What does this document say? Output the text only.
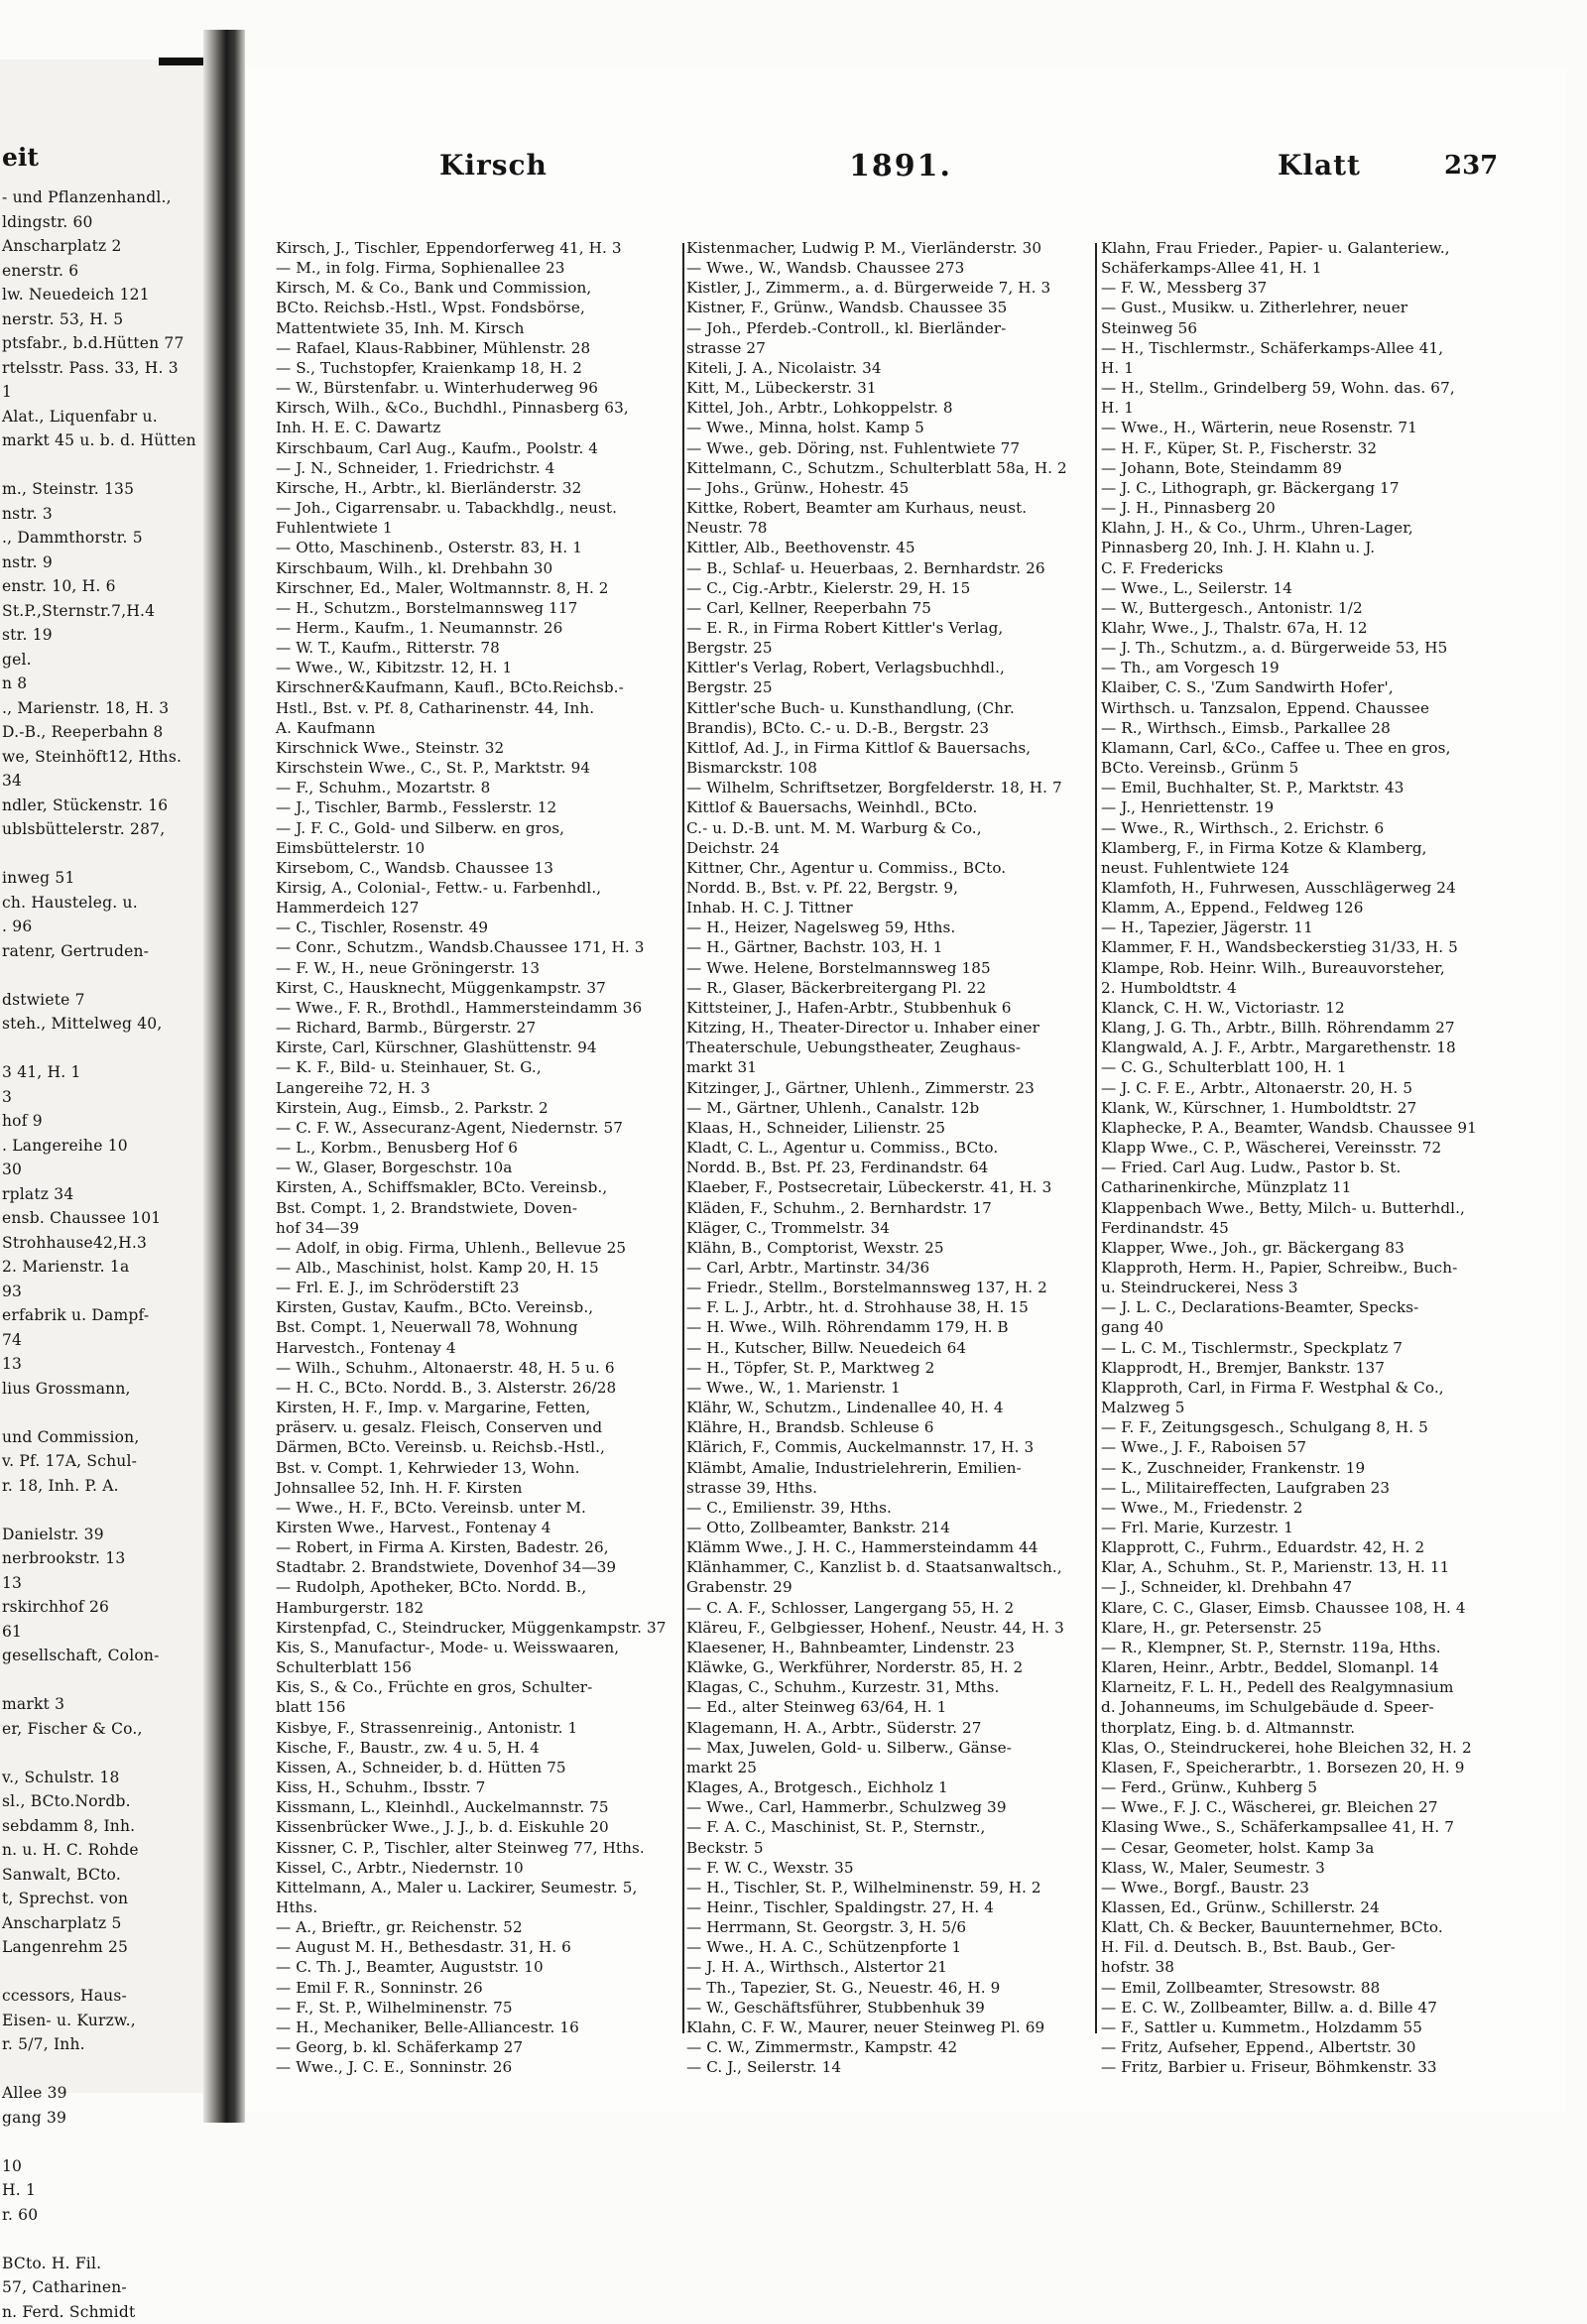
eit
- und Pflanzenhandl.,
ldingstr. 60
Anscharplatz 2
enerstr. 6
lw. Neuedeich 121
nerstr. 53, H. 5
ptsfabr., b.d.Hütten 77
rtelsstr. Pass. 33, H. 3
1
Alat., Liquenfabr u.
markt 45 u. b. d. Hütten

m., Steinstr. 135
nstr. 3
., Dammthorstr. 5
nstr. 9
enstr. 10, H. 6
St.P.,Sternstr.7,H.4
str. 19
gel.
n 8
., Marienstr. 18, H. 3
D.-B., Reeperbahn 8
we, Steinhöft12, Hths.
34
ndler, Stückenstr. 16
ublsbüttelerstr. 287,

inweg 51
ch. Hausteleg. u.
. 96
ratenr, Gertruden-

dstwiete 7
steh., Mittelweg 40,

3 41, H. 1
3
hof 9
. Langereihe 10
30
rplatz 34
ensb. Chaussee 101
Strohhause42,H.3
2. Marienstr. 1a
93
erfabrik u. Dampf-
74
13
lius Grossmann,

und Commission,
v. Pf. 17A, Schul-
r. 18, Inh. P. A.

Danielstr. 39
nerbrookstr. 13
13
rskirchhof 26
61
gesellschaft, Colon-

markt 3
er, Fischer & Co.,

v., Schulstr. 18
sl., BCto.Nordb.
sebdamm 8, Inh.
n. u. H. C. Rohde
Sanwalt, BCto.
t, Sprechst. von
Anscharplatz 5
Langenrehm 25

ccessors, Haus-
Eisen- u. Kurzw.,
r. 5/7, Inh.

Allee 39
gang 39

10
H. 1
r. 60

BCto. H. Fil.
57, Catharinen-
n. Ferd. Schmidt
Kirsch	1891.	Klatt	237
Kirsch, J., Tischler, Eppendorferweg 41, H. 3
— M., in folg. Firma, Sophienallee 23
Kirsch, M. & Co., Bank und Commission,
BCto. Reichsb.-Hstl., Wpst. Fondsbörse,
Mattentwiete 35, Inh. M. Kirsch
— Rafael, Klaus-Rabbiner, Mühlenstr. 28
— S., Tuchstopfer, Kraienkamp 18, H. 2
— W., Bürstenfabr. u. Winterhuderweg 96
Kirsch, Wilh., &Co., Buchdhl., Pinnasberg 63,
Inh. H. E. C. Dawartz
Kirschbaum, Carl Aug., Kaufm., Poolstr. 4
— J. N., Schneider, 1. Friedrichstr. 4
Kirsche, H., Arbtr., kl. Bierländerstr. 32
— Joh., Cigarrensabr. u. Tabackhdlg., neust.
Fuhlentwiete 1
— Otto, Maschinenb., Osterstr. 83, H. 1
Kirschbaum, Wilh., kl. Drehbahn 30
Kirschner, Ed., Maler, Woltmannstr. 8, H. 2
— H., Schutzm., Borstelmannsweg 117
— Herm., Kaufm., 1. Neumannstr. 26
— W. T., Kaufm., Ritterstr. 78
— Wwe., W., Kibitzstr. 12, H. 1
Kirschner&Kaufmann, Kaufl., BCto.Reichsb.-
Hstl., Bst. v. Pf. 8, Catharinenstr. 44, Inh.
A. Kaufmann
Kirschnick Wwe., Steinstr. 32
Kirschstein Wwe., C., St. P., Marktstr. 94
— F., Schuhm., Mozartstr. 8
— J., Tischler, Barmb., Fesslerstr. 12
— J. F. C., Gold- und Silberw. en gros,
Eimsbüttelerstr. 10
Kirsebom, C., Wandsb. Chaussee 13
Kirsig, A., Colonial-, Fettw.- u. Farbenhdl.,
Hammerdeich 127
— C., Tischler, Rosenstr. 49
— Conr., Schutzm., Wandsb.Chaussee 171, H. 3
— F. W., H., neue Gröningerstr. 13
Kirst, C., Hausknecht, Müggenkampstr. 37
— Wwe., F. R., Brothdl., Hammersteindamm 36
— Richard, Barmb., Bürgerstr. 27
Kirste, Carl, Kürschner, Glashüttenstr. 94
— K. F., Bild- u. Steinhauer, St. G.,
Langereihe 72, H. 3
Kirstein, Aug., Eimsb., 2. Parkstr. 2
— C. F. W., Assecuranz-Agent, Niedernstr. 57
— L., Korbm., Benusberg Hof 6
— W., Glaser, Borgeschstr. 10a
Kirsten, A., Schiffsmakler, BCto. Vereinsb.,
Bst. Compt. 1, 2. Brandstwiete, Doven-
hof 34—39
— Adolf, in obig. Firma, Uhlenh., Bellevue 25
— Alb., Maschinist, holst. Kamp 20, H. 15
— Frl. E. J., im Schröderstift 23
Kirsten, Gustav, Kaufm., BCto. Vereinsb.,
Bst. Compt. 1, Neuerwall 78, Wohnung
Harvestch., Fontenay 4
— Wilh., Schuhm., Altonaerstr. 48, H. 5 u. 6
— H. C., BCto. Nordd. B., 3. Alsterstr. 26/28
Kirsten, H. F., Imp. v. Margarine, Fetten,
präserv. u. gesalz. Fleisch, Conserven und
Därmen, BCto. Vereinsb. u. Reichsb.-Hstl.,
Bst. v. Compt. 1, Kehrwieder 13, Wohn.
Johnsallee 52, Inh. H. F. Kirsten
— Wwe., H. F., BCto. Vereinsb. unter M.
Kirsten Wwe., Harvest., Fontenay 4
— Robert, in Firma A. Kirsten, Badestr. 26,
Stadtabr. 2. Brandstwiete, Dovenhof 34—39
— Rudolph, Apotheker, BCto. Nordd. B.,
Hamburgerstr. 182
Kirstenpfad, C., Steindrucker, Müggenkampstr. 37
Kis, S., Manufactur-, Mode- u. Weisswaaren,
Schulterblatt 156
Kis, S., & Co., Früchte en gros, Schulter-
blatt 156
Kisbye, F., Strassenreinig., Antonistr. 1
Kische, F., Baustr., zw. 4 u. 5, H. 4
Kissen, A., Schneider, b. d. Hütten 75
Kiss, H., Schuhm., Ibsstr. 7
Kissmann, L., Kleinhdl., Auckelmannstr. 75
Kissenbrücker Wwe., J. J., b. d. Eiskuhle 20
Kissner, C. P., Tischler, alter Steinweg 77, Hths.
Kissel, C., Arbtr., Niedernstr. 10
Kittelmann, A., Maler u. Lackirer, Seumestr. 5,
Hths.
— A., Brieftr., gr. Reichenstr. 52
— August M. H., Bethesdastr. 31, H. 6
— C. Th. J., Beamter, Auguststr. 10
— Emil F. R., Sonninstr. 26
— F., St. P., Wilhelminenstr. 75
— H., Mechaniker, Belle-Alliancestr. 16
— Georg, b. kl. Schäferkamp 27
— Wwe., J. C. E., Sonninstr. 26
Kistenmacher, Ludwig P. M., Vierländerstr. 30
— Wwe., W., Wandsb. Chaussee 273
Kistler, J., Zimmerm., a. d. Bürgerweide 7, H. 3
Kistner, F., Grünw., Wandsb. Chaussee 35
— Joh., Pferdeb.-Controll., kl. Bierländer-
strasse 27
Kiteli, J. A., Nicolaistr. 34
Kitt, M., Lübeckerstr. 31
Kittel, Joh., Arbtr., Lohkoppelstr. 8
— Wwe., Minna, holst. Kamp 5
— Wwe., geb. Döring, nst. Fuhlentwiete 77
Kittelmann, C., Schutzm., Schulterblatt 58a, H. 2
— Johs., Grünw., Hohestr. 45
Kittke, Robert, Beamter am Kurhaus, neust.
Neustr. 78
Kittler, Alb., Beethovenstr. 45
— B., Schlaf- u. Heuerbaas, 2. Bernhardstr. 26
— C., Cig.-Arbtr., Kielerstr. 29, H. 15
— Carl, Kellner, Reeperbahn 75
— E. R., in Firma Robert Kittler's Verlag,
Bergstr. 25
Kittler's Verlag, Robert, Verlagsbuchhdl.,
Bergstr. 25
Kittler'sche Buch- u. Kunsthandlung, (Chr.
Brandis), BCto. C.- u. D.-B., Bergstr. 23
Kittlof, Ad. J., in Firma Kittlof & Bauersachs,
Bismarckstr. 108
— Wilhelm, Schriftsetzer, Borgfelderstr. 18, H. 7
Kittlof & Bauersachs, Weinhdl., BCto.
C.- u. D.-B. unt. M. M. Warburg & Co.,
Deichstr. 24
Kittner, Chr., Agentur u. Commiss., BCto.
Nordd. B., Bst. v. Pf. 22, Bergstr. 9,
Inhab. H. C. J. Tittner
— H., Heizer, Nagelsweg 59, Hths.
— H., Gärtner, Bachstr. 103, H. 1
— Wwe. Helene, Borstelmannsweg 185
— R., Glaser, Bäckerbreitergang Pl. 22
Kittsteiner, J., Hafen-Arbtr., Stubbenhuk 6
Kitzing, H., Theater-Director u. Inhaber einer
Theaterschule, Uebungstheater, Zeughaus-
markt 31
Kitzinger, J., Gärtner, Uhlenh., Zimmerstr. 23
— M., Gärtner, Uhlenh., Canalstr. 12b
Klaas, H., Schneider, Lilienstr. 25
Kladt, C. L., Agentur u. Commiss., BCto.
Nordd. B., Bst. Pf. 23, Ferdinandstr. 64
Klaeber, F., Postsecretair, Lübeckerstr. 41, H. 3
Kläden, F., Schuhm., 2. Bernhardstr. 17
Kläger, C., Trommelstr. 34
Klähn, B., Comptorist, Wexstr. 25
— Carl, Arbtr., Martinstr. 34/36
— Friedr., Stellm., Borstelmannsweg 137, H. 2
— F. L. J., Arbtr., ht. d. Strohhause 38, H. 15
— H. Wwe., Wilh. Röhrendamm 179, H. B
— H., Kutscher, Billw. Neuedeich 64
— H., Töpfer, St. P., Marktweg 2
— Wwe., W., 1. Marienstr. 1
Klähr, W., Schutzm., Lindenallee 40, H. 4
Klähre, H., Brandsb. Schleuse 6
Klärich, F., Commis, Auckelmannstr. 17, H. 3
Klämbt, Amalie, Industrielehrerin, Emilien-
strasse 39, Hths.
— C., Emilienstr. 39, Hths.
— Otto, Zollbeamter, Bankstr. 214
Klämm Wwe., J. H. C., Hammersteindamm 44
Klänhammer, C., Kanzlist b. d. Staatsanwaltsch.,
Grabenstr. 29
— C. A. F., Schlosser, Langergang 55, H. 2
Kläreu, F., Gelbgiesser, Hohenf., Neustr. 44, H. 3
Klaesener, H., Bahnbeamter, Lindenstr. 23
Kläwke, G., Werkführer, Norderstr. 85, H. 2
Klagas, C., Schuhm., Kurzestr. 31, Mths.
— Ed., alter Steinweg 63/64, H. 1
Klagemann, H. A., Arbtr., Süderstr. 27
— Max, Juwelen, Gold- u. Silberw., Gänse-
markt 25
Klages, A., Brotgesch., Eichholz 1
— Wwe., Carl, Hammerbr., Schulzweg 39
— F. A. C., Maschinist, St. P., Sternstr.,
Beckstr. 5
— F. W. C., Wexstr. 35
— H., Tischler, St. P., Wilhelminenstr. 59, H. 2
— Heinr., Tischler, Spaldingstr. 27, H. 4
— Herrmann, St. Georgstr. 3, H. 5/6
— Wwe., H. A. C., Schützenpforte 1
— J. H. A., Wirthsch., Alstertor 21
— Th., Tapezier, St. G., Neuestr. 46, H. 9
— W., Geschäftsführer, Stubbenhuk 39
Klahn, C. F. W., Maurer, neuer Steinweg Pl. 69
— C. W., Zimmermstr., Kampstr. 42
— C. J., Seilerstr. 14
Klahn, Frau Frieder., Papier- u. Galanteriew.,
Schäferkamps-Allee 41, H. 1
— F. W., Messberg 37
— Gust., Musikw. u. Zitherlehrer, neuer
Steinweg 56
— H., Tischlermstr., Schäferkamps-Allee 41,
H. 1
— H., Stellm., Grindelberg 59, Wohn. das. 67,
H. 1
— Wwe., H., Wärterin, neue Rosenstr. 71
— H. F., Küper, St. P., Fischerstr. 32
— Johann, Bote, Steindamm 89
— J. C., Lithograph, gr. Bäckergang 17
— J. H., Pinnasberg 20
Klahn, J. H., & Co., Uhrm., Uhren-Lager,
Pinnasberg 20, Inh. J. H. Klahn u. J.
C. F. Fredericks
— Wwe., L., Seilerstr. 14
— W., Buttergesch., Antonistr. 1/2
Klahr, Wwe., J., Thalstr. 67a, H. 12
— J. Th., Schutzm., a. d. Bürgerweide 53, H5
— Th., am Vorgesch 19
Klaiber, C. S., 'Zum Sandwirth Hofer',
Wirthsch. u. Tanzsalon, Eppend. Chaussee
— R., Wirthsch., Eimsb., Parkallee 28
Klamann, Carl, &Co., Caffee u. Thee en gros,
BCto. Vereinsb., Grünm 5
— Emil, Buchhalter, St. P., Marktstr. 43
— J., Henriettenstr. 19
— Wwe., R., Wirthsch., 2. Erichstr. 6
Klamberg, F., in Firma Kotze & Klamberg,
neust. Fuhlentwiete 124
Klamfoth, H., Fuhrwesen, Ausschlägerweg 24
Klamm, A., Eppend., Feldweg 126
— H., Tapezier, Jägerstr. 11
Klammer, F. H., Wandsbeckerstieg 31/33, H. 5
Klampe, Rob. Heinr. Wilh., Bureauvorsteher,
2. Humboldtstr. 4
Klanck, C. H. W., Victoriastr. 12
Klang, J. G. Th., Arbtr., Billh. Röhrendamm 27
Klangwald, A. J. F., Arbtr., Margarethenstr. 18
— C. G., Schulterblatt 100, H. 1
— J. C. F. E., Arbtr., Altonaerstr. 20, H. 5
Klank, W., Kürschner, 1. Humboldtstr. 27
Klaphecke, P. A., Beamter, Wandsb. Chaussee 91
Klapp Wwe., C. P., Wäscherei, Vereinsstr. 72
— Fried. Carl Aug. Ludw., Pastor b. St.
Catharinenkirche, Münzplatz 11
Klappenbach Wwe., Betty, Milch- u. Butterhdl.,
Ferdinandstr. 45
Klapper, Wwe., Joh., gr. Bäckergang 83
Klapproth, Herm. H., Papier, Schreibw., Buch-
u. Steindruckerei, Ness 3
— J. L. C., Declarations-Beamter, Specks-
gang 40
— L. C. M., Tischlermstr., Speckplatz 7
Klapprodt, H., Bremjer, Bankstr. 137
Klapproth, Carl, in Firma F. Westphal & Co.,
Malzweg 5
— F. F., Zeitungsgesch., Schulgang 8, H. 5
— Wwe., J. F., Raboisen 57
— K., Zuschneider, Frankenstr. 19
— L., Militaireffecten, Laufgraben 23
— Wwe., M., Friedenstr. 2
— Frl. Marie, Kurzestr. 1
Klapprott, C., Fuhrm., Eduardstr. 42, H. 2
Klar, A., Schuhm., St. P., Marienstr. 13, H. 11
— J., Schneider, kl. Drehbahn 47
Klare, C. C., Glaser, Eimsb. Chaussee 108, H. 4
Klare, H., gr. Petersenstr. 25
— R., Klempner, St. P., Sternstr. 119a, Hths.
Klaren, Heinr., Arbtr., Beddel, Slomanpl. 14
Klarneitz, F. L. H., Pedell des Realgymnasium
d. Johanneums, im Schulgebäude d. Speer-
thorplatz, Eing. b. d. Altmannstr.
Klas, O., Steindruckerei, hohe Bleichen 32, H. 2
Klasen, F., Speicherarbtr., 1. Borsezen 20, H. 9
— Ferd., Grünw., Kuhberg 5
— Wwe., F. J. C., Wäscherei, gr. Bleichen 27
Klasing Wwe., S., Schäferkampsallee 41, H. 7
— Cesar, Geometer, holst. Kamp 3a
Klass, W., Maler, Seumestr. 3
— Wwe., Borgf., Baustr. 23
Klassen, Ed., Grünw., Schillerstr. 24
Klatt, Ch. & Becker, Bauunternehmer, BCto.
H. Fil. d. Deutsch. B., Bst. Baub., Ger-
hofstr. 38
— Emil, Zollbeamter, Stresowstr. 88
— E. C. W., Zollbeamter, Billw. a. d. Bille 47
— F., Sattler u. Kummetm., Holzdamm 55
— Fritz, Aufseher, Eppend., Albertstr. 30
— Fritz, Barbier u. Friseur, Böhmkenstr. 33
